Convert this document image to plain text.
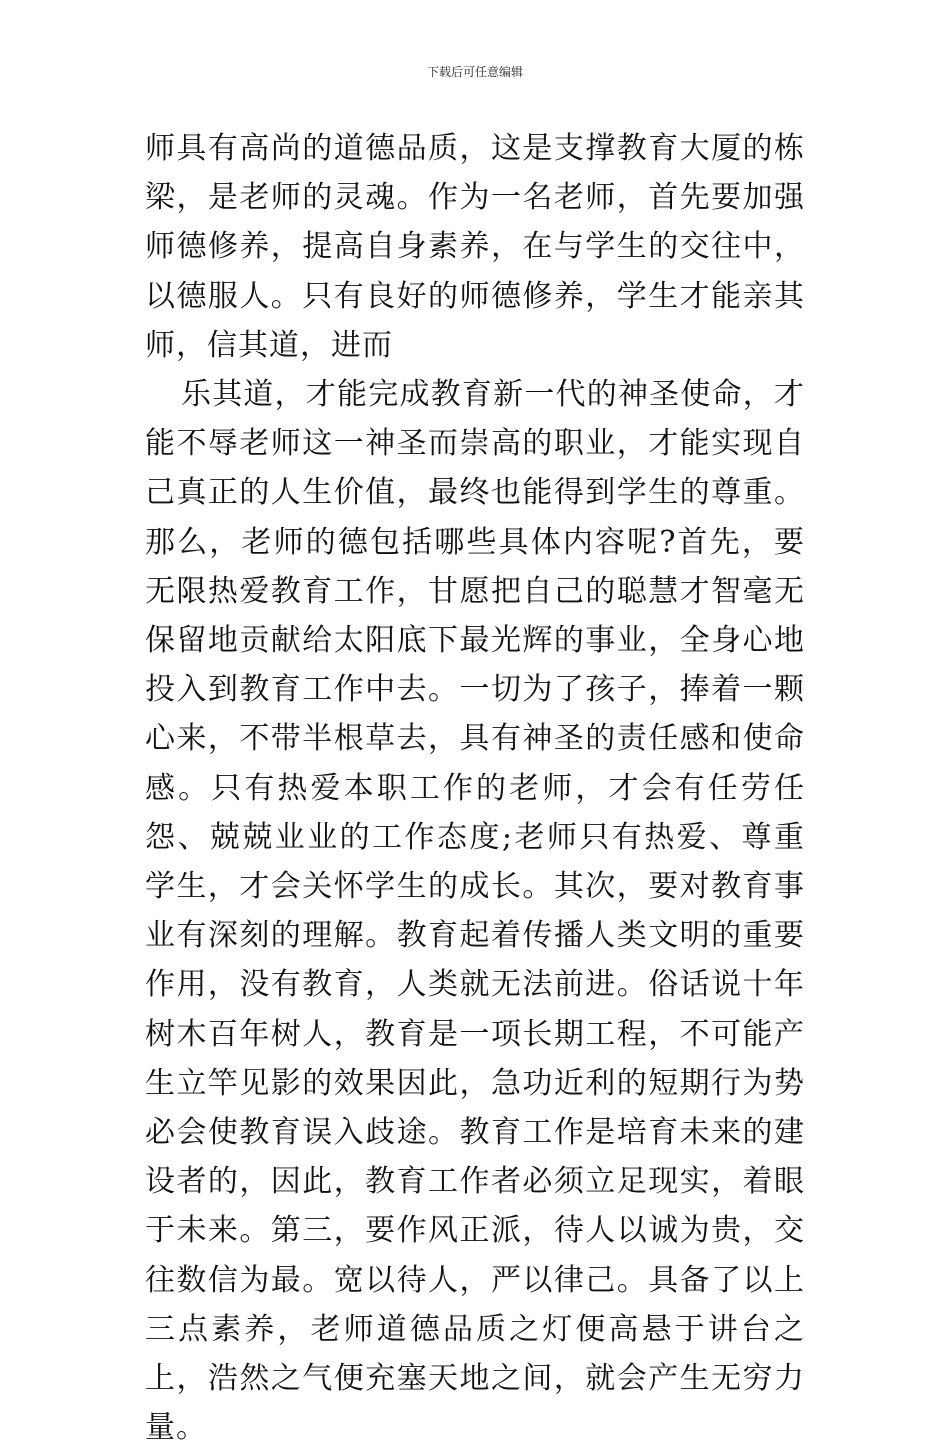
下载后可任意编辑

师具有高尚的道德品质，这是支撑教育大厦的栋梁，是老师的灵魂。作为一名老师，首先要加强师德修养，提高自身素养，在与学生的交往中，以德服人。只有良好的师德修养，学生才能亲其师，信其道，进而

乐其道，才能完成教育新一代的神圣使命，才能不辱老师这一神圣而崇高的职业，才能实现自己真正的人生价值，最终也能得到学生的尊重。那么，老师的德包括哪些具体内容呢?首先，要无限热爱教育工作，甘愿把自己的聪慧才智毫无保留地贡献给太阳底下最光辉的事业，全身心地投入到教育工作中去。一切为了孩子，捧着一颗心来，不带半根草去，具有神圣的责任感和使命感。只有热爱本职工作的老师，才会有任劳任怨、兢兢业业的工作态度;老师只有热爱、尊重学生，才会关怀学生的成长。其次，要对教育事业有深刻的理解。教育起着传播人类文明的重要作用，没有教育，人类就无法前进。俗话说十年树木百年树人，教育是一项长期工程，不可能产生立竿见影的效果因此，急功近利的短期行为势必会使教育误入歧途。教育工作是培育未来的建设者的，因此，教育工作者必须立足现实，着眼于未来。第三，要作风正派，待人以诚为贵，交往数信为最。宽以待人，严以律己。具备了以上三点素养，老师道德品质之灯便高悬于讲台之上，浩然之气便充塞天地之间，就会产生无穷力量。
